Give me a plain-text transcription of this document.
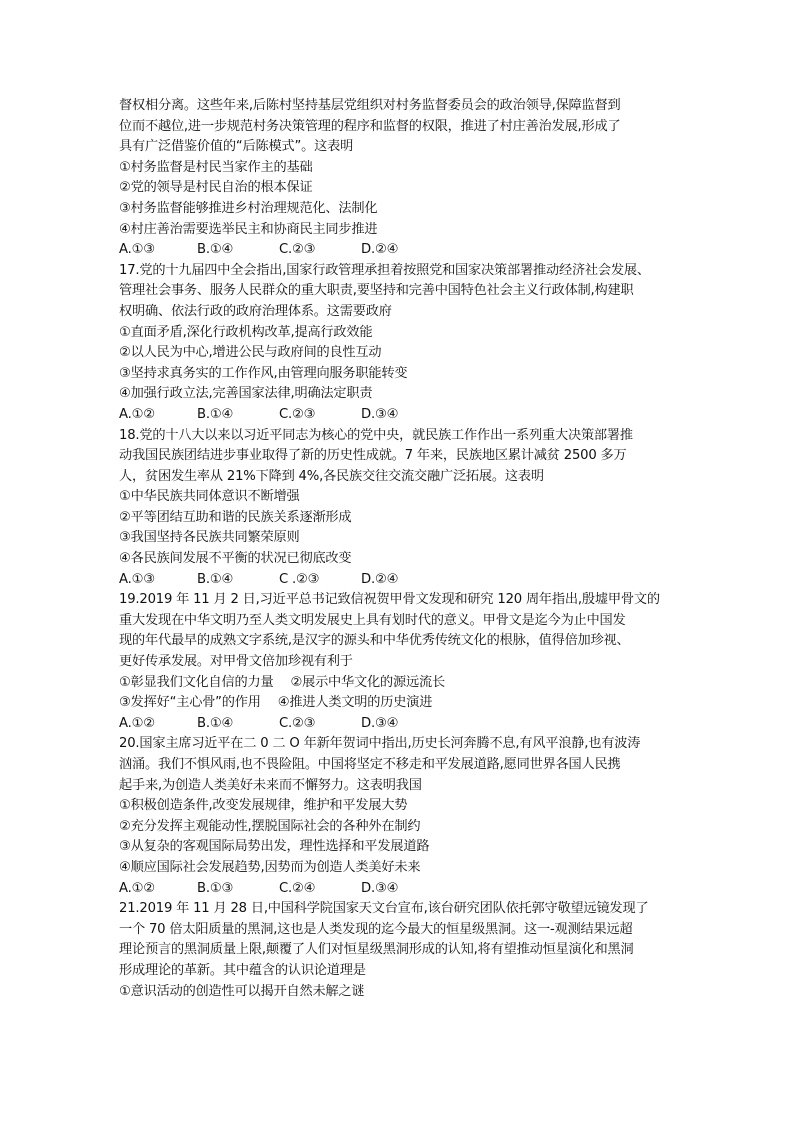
督权相分离。这些年来,后陈村坚持基层党组织对村务监督委员会的政治领导,保障监督到
位而不越位,进一步规范村务决策管理的程序和监督的权限，推进了村庄善治发展,形成了
具有广泛借鉴价值的“后陈模式”。这表明
①村务监督是村民当家作主的基础
②党的领导是村民自治的根本保证
③村务监督能够推进乡村治理规范化、法制化
④村庄善治需要选举民主和协商民主同步推进
A.①③	B.①④	C.②③	D.②④
17.党的十九届四中全会指出,国家行政管理承担着按照党和国家决策部署推动经济社会发展、
管理社会事务、服务人民群众的重大职责,要坚持和完善中国特色社会主义行政体制,构建职
权明确、依法行政的政府治理体系。这需要政府
①直面矛盾,深化行政机构改革,提高行政效能
②以人民为中心,增进公民与政府间的良性互动
③坚持求真务实的工作作风,由管理向服务职能转变
④加强行政立法,完善国家法律,明确法定职责
A.①②	B.①④	C.②③	D.③④
18.党的十八大以来以习近平同志为核心的党中央，就民族工作作出一系列重大决策部署推
动我国民族团结进步事业取得了新的历史性成就。7 年来，民族地区累计减贫 2500 多万
人，贫困发生率从 21%下降到 4%,各民族交往交流交融广泛拓展。这表明
①中华民族共同体意识不断增强
②平等团结互助和谐的民族关系逐渐形成
③我国坚持各民族共同繁荣原则
④各民族间发展不平衡的状况已彻底改变
A.①③	B.①④	C .②③	D.②④
19.2019 年 11 月 2 日,习近平总书记致信祝贺甲骨文发现和研究 120 周年指出,殷墟甲骨文的
重大发现在中华文明乃至人类文明发展史上具有划时代的意义。甲骨文是迄今为止中国发
现的年代最早的成熟文字系统,是汉字的源头和中华优秀传统文化的根脉，值得倍加珍视、
更好传承发展。对甲骨文倍加珍视有利于
①彰显我们文化自信的力量　 ②展示中华文化的源远流长
③发挥好“主心骨”的作用　 ④推进人类文明的历史演进
A.①②	B.①④	C.②③	D.③④
20.国家主席习近平在二 0 二 O 年新年贺词中指出,历史长河奔腾不息,有风平浪静,也有波涛
汹涌。我们不惧风雨,也不畏险阻。中国将坚定不移走和平发展道路,愿同世界各国人民携
起手来,为创造人类美好未来而不懈努力。这表明我国
①积极创造条件,改变发展规律，维护和平发展大势
②充分发挥主观能动性,摆脱国际社会的各种外在制约
③从复杂的客观国际局势出发，理性选择和平发展道路
④顺应国际社会发展趋势,因势而为创造人类美好未来
A.①②	B.①③	C.②④	D.③④
21.2019 年 11 月 28 日,中国科学院国家天文台宣布,该台研究团队依托郭守敬望远镜发现了
一个 70 倍太阳质量的黑洞,这也是人类发现的迄今最大的恒星级黑洞。这一-观测结果远超
理论预言的黑洞质量上限,颠覆了人们对恒星级黑洞形成的认知,将有望推动恒星演化和黑洞
形成理论的革新。其中蕴含的认识论道理是
①意识活动的创造性可以揭开自然未解之谜
